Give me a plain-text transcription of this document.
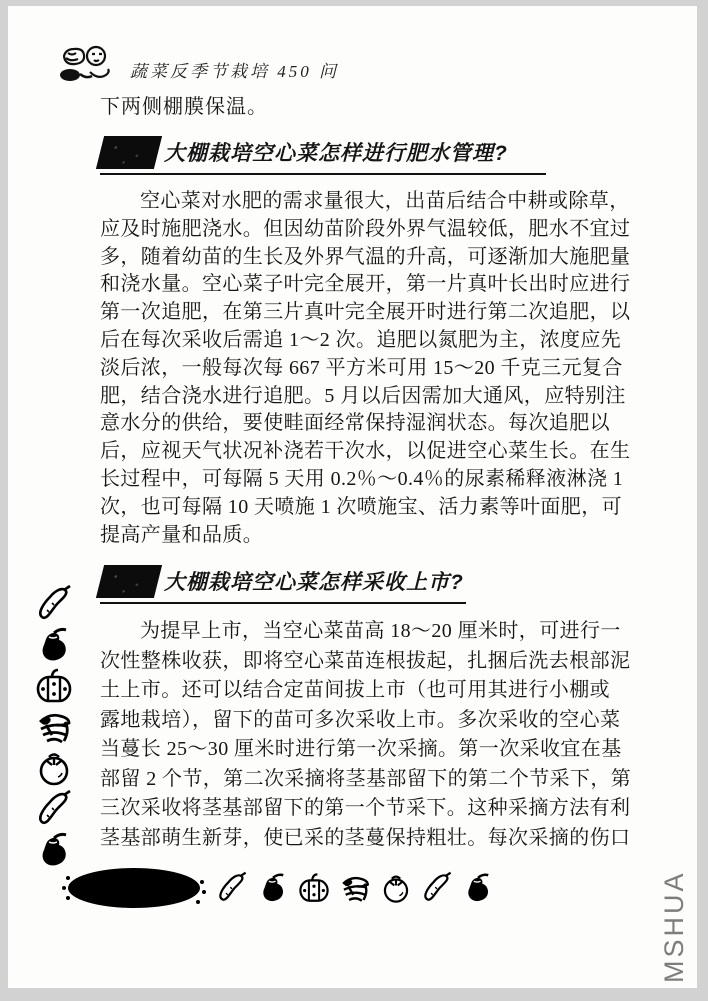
蔬菜反季节栽培 450 问
下两侧棚膜保温。
大棚栽培空心菜怎样进行肥水管理?
空心菜对水肥的需求量很大，出苗后结合中耕或除草，
应及时施肥浇水。但因幼苗阶段外界气温较低，肥水不宜过
多，随着幼苗的生长及外界气温的升高，可逐渐加大施肥量
和浇水量。空心菜子叶完全展开，第一片真叶长出时应进行
第一次追肥，在第三片真叶完全展开时进行第二次追肥，以
后在每次采收后需追 1～2 次。追肥以氮肥为主，浓度应先
淡后浓，一般每次每 667 平方米可用 15～20 千克三元复合
肥，结合浇水进行追肥。5 月以后因需加大通风，应特别注
意水分的供给，要使畦面经常保持湿润状态。每次追肥以
后，应视天气状况补浇若干次水，以促进空心菜生长。在生
长过程中，可每隔 5 天用 0.2％～0.4％的尿素稀释液淋浇 1
次，也可每隔 10 天喷施 1 次喷施宝、活力素等叶面肥，可
提高产量和品质。
大棚栽培空心菜怎样采收上市?
为提早上市，当空心菜苗高 18～20 厘米时，可进行一
次性整株收获，即将空心菜苗连根拔起，扎捆后洗去根部泥
土上市。还可以结合定苗间拔上市（也可用其进行小棚或
露地栽培），留下的苗可多次采收上市。多次采收的空心菜
当蔓长 25～30 厘米时进行第一次采摘。第一次采收宜在基
部留 2 个节，第二次采摘将茎基部留下的第二个节采下，第
三次采收将茎基部留下的第一个节采下。这种采摘方法有利
茎基部萌生新芽，使已采的茎蔓保持粗壮。每次采摘的伤口
MSHUA
